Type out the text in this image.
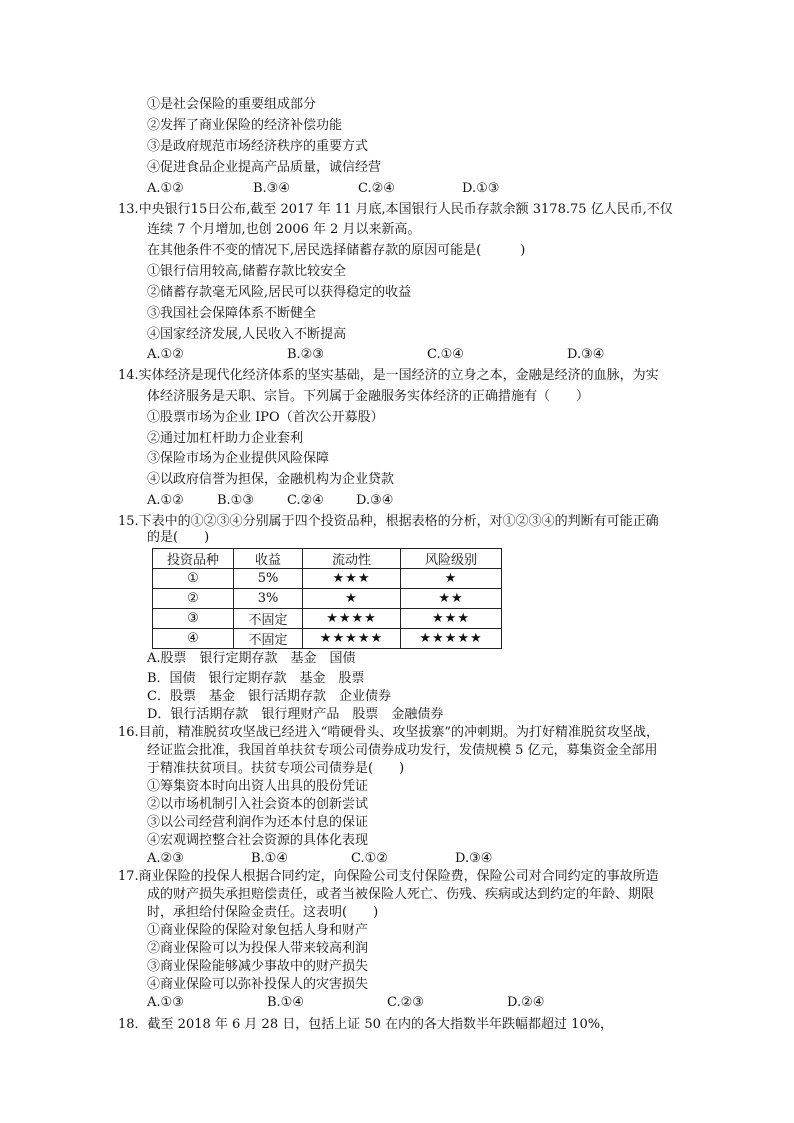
①是社会保险的重要组成部分
②发挥了商业保险的经济补偿功能
③是政府规范市场经济秩序的重要方式
④促进食品企业提高产品质量，诚信经营
A.①②	B.③④	C.②④	D.①③
13.中央银行15日公布,截至 2017 年 11 月底,本国银行人民币存款余额 3178.75 亿人民币,不仅
连续 7 个月增加,也创 2006 年 2 月以来新高。
在其他条件不变的情况下,居民选择储蓄存款的原因可能是(　　　)
①银行信用较高,储蓄存款比较安全
②储蓄存款毫无风险,居民可以获得稳定的收益
③我国社会保障体系不断健全
④国家经济发展,人民收入不断提高
A.①②	B.②③	C.①④	D.③④
14.实体经济是现代化经济体系的坚实基础，是一国经济的立身之本，金融是经济的血脉，为实
体经济服务是天职、宗旨。下列属于金融服务实体经济的正确措施有（　　）
①股票市场为企业 IPO（首次公开募股）
②通过加杠杆助力企业套利
③保险市场为企业提供风险保障
④以政府信誉为担保，金融机构为企业贷款
A.①②	B.①③	C.②④ D.③④
15.下表中的①②③④分别属于四个投资品种，根据表格的分析，对①②③④的判断有可能正确
的是(　　)
投资品种	收益	流动性	风险级别
①	5%	★★★	★
②	3%	★	★★
③	不固定	★★★★	★★★
④	不固定	★★★★★	★★★★★
A.股票　银行定期存款　基金　国债
B．国债　银行定期存款　基金　股票
C．股票　基金　银行活期存款　企业债券
D．银行活期存款　银行理财产品　股票　金融债券
16.目前，精准脱贫攻坚战已经进入“啃硬骨头、攻坚拔寨”的冲刺期。为打好精准脱贫攻坚战，
经证监会批准，我国首单扶贫专项公司债券成功发行，发债规模 5 亿元，募集资金全部用
于精准扶贫项目。扶贫专项公司债券是(　　)
①筹集资本时向出资人出具的股份凭证
②以市场机制引入社会资本的创新尝试
③以公司经营利润作为还本付息的保证
④宏观调控整合社会资源的具体化表现
A.②③	B.①④	C.①②	D.③④
17.商业保险的投保人根据合同约定，向保险公司支付保险费，保险公司对合同约定的事故所造
成的财产损失承担赔偿责任，或者当被保险人死亡、伤残、疾病或达到约定的年龄、期限
时，承担给付保险金责任。这表明(　　)
①商业保险的保险对象包括人身和财产
②商业保险可以为投保人带来较高利润
③商业保险能够减少事故中的财产损失
④商业保险可以弥补投保人的灾害损失
A.①③	B.①④	C.②③	D.②④
18．截至 2018 年 6 月 28 日，包括上证 50 在内的各大指数半年跌幅都超过 10%，
